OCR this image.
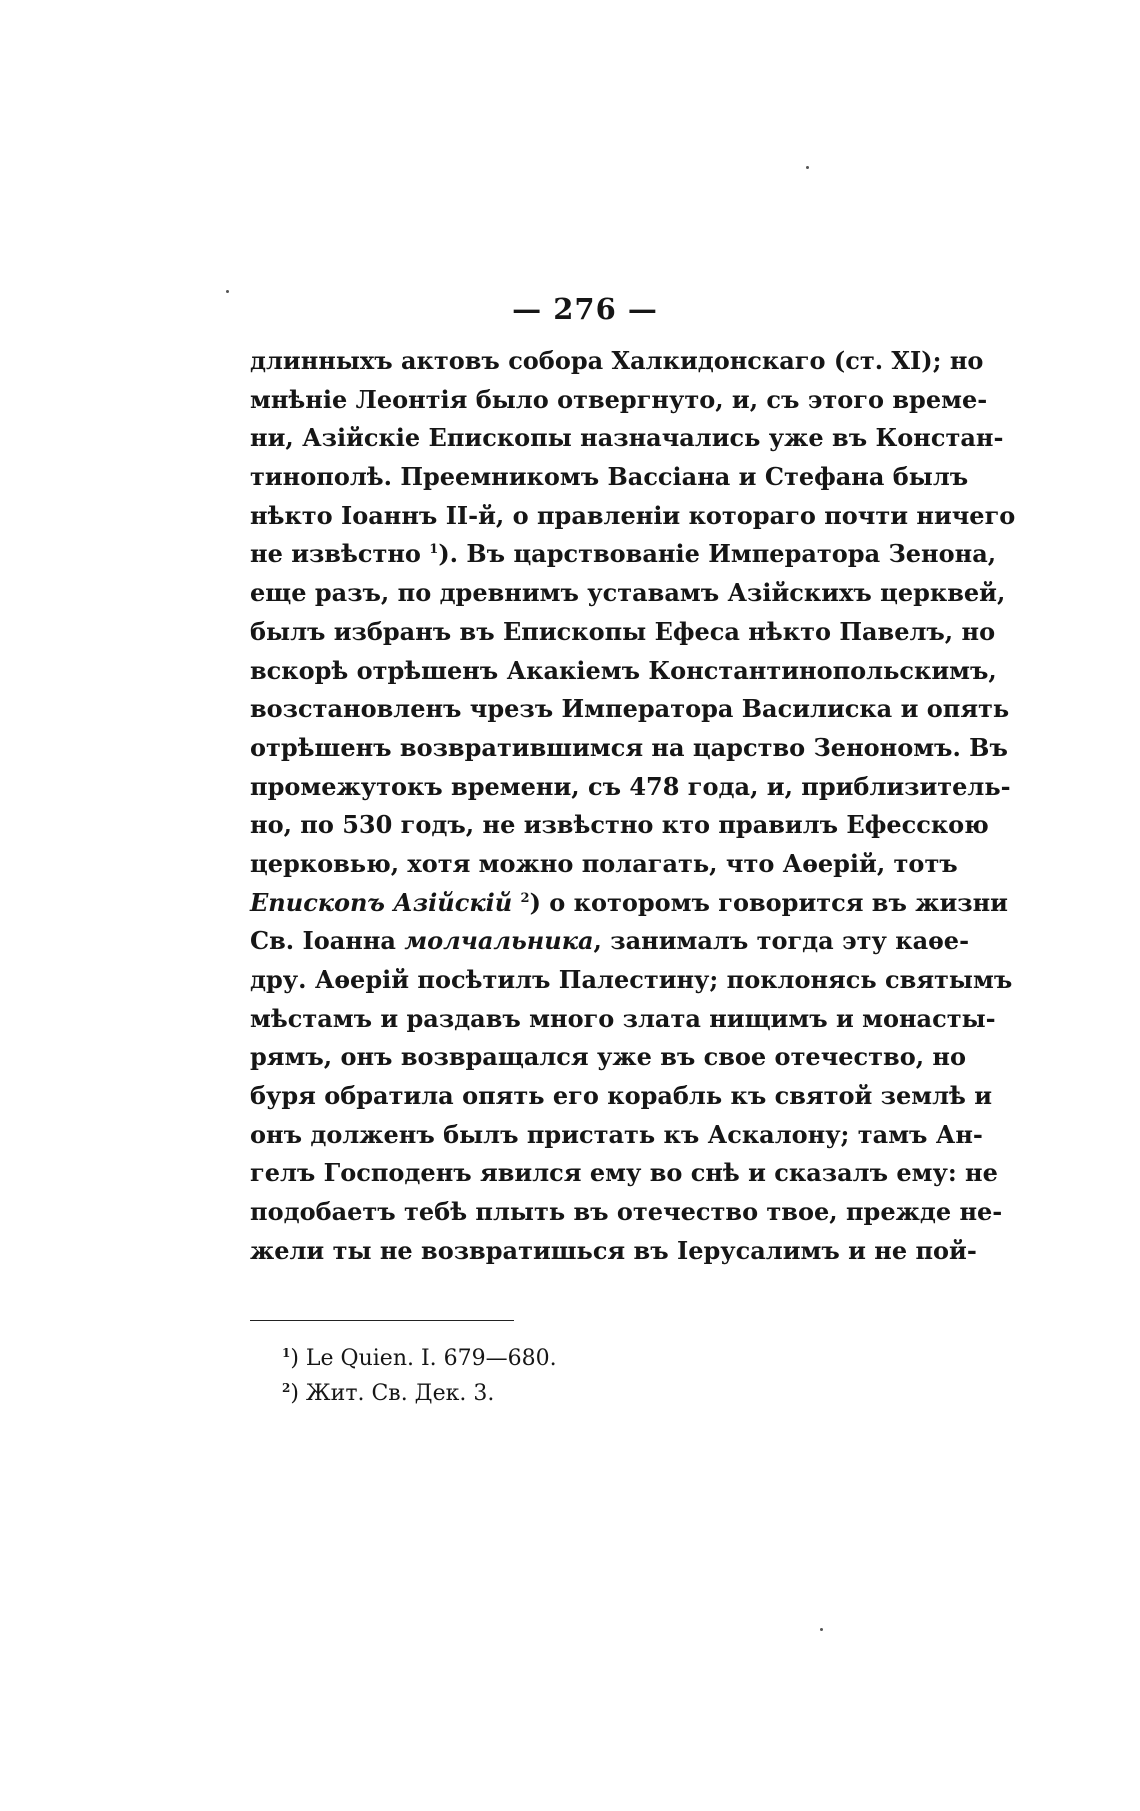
— 276 —
длинныхъ актовъ собора Халкидонскаго (ст. XI); но
мнѣніе Леонтія было отвергнуто, и, съ этого време-
ни, Азійскіе Епископы назначались уже въ Констан-
тинополѣ. Преемникомъ Вассіана и Стефана былъ
нѣкто Іоаннъ II-й, о правленіи котораго почти ничего
не извѣстно $^1$). Въ царствованіе Императора Зенона,
еще разъ, по древнимъ уставамъ Азійскихъ церквей,
былъ избранъ въ Епископы Ефеса нѣкто Павелъ, но
вскорѣ отрѣшенъ Акакіемъ Константинопольскимъ,
возстановленъ чрезъ Императора Василиска и опять
отрѣшенъ возвратившимся на царство Зенономъ. Въ
промежутокъ времени, съ 478 года, и, приблизитель-
но, по 530 годъ, не извѣстно кто правилъ Ефесскою
церковью, хотя можно полагать, что Аѳерій, тотъ
Епископъ Азійскій $^2$) о которомъ говорится въ жизни
Св. Іоанна молчальника, занималъ тогда эту каѳе-
дру. Аѳерій посѣтилъ Палестину; поклонясь святымъ
мѣстамъ и раздавъ много злата нищимъ и монасты-
рямъ, онъ возвращался уже въ свое отечество, но
буря обратила опять его корабль къ святой землѣ и
онъ долженъ былъ пристать къ Аскалону; тамъ Ан-
гелъ Господенъ явился ему во снѣ и сказалъ ему: не
подобаетъ тебѣ плыть въ отечество твое, прежде не-
жели ты не возвратишься въ Іерусалимъ и не пой-
$^1$) Le Quien. I. 679—680.
$^2$) Жит. Св. Дек. 3.
